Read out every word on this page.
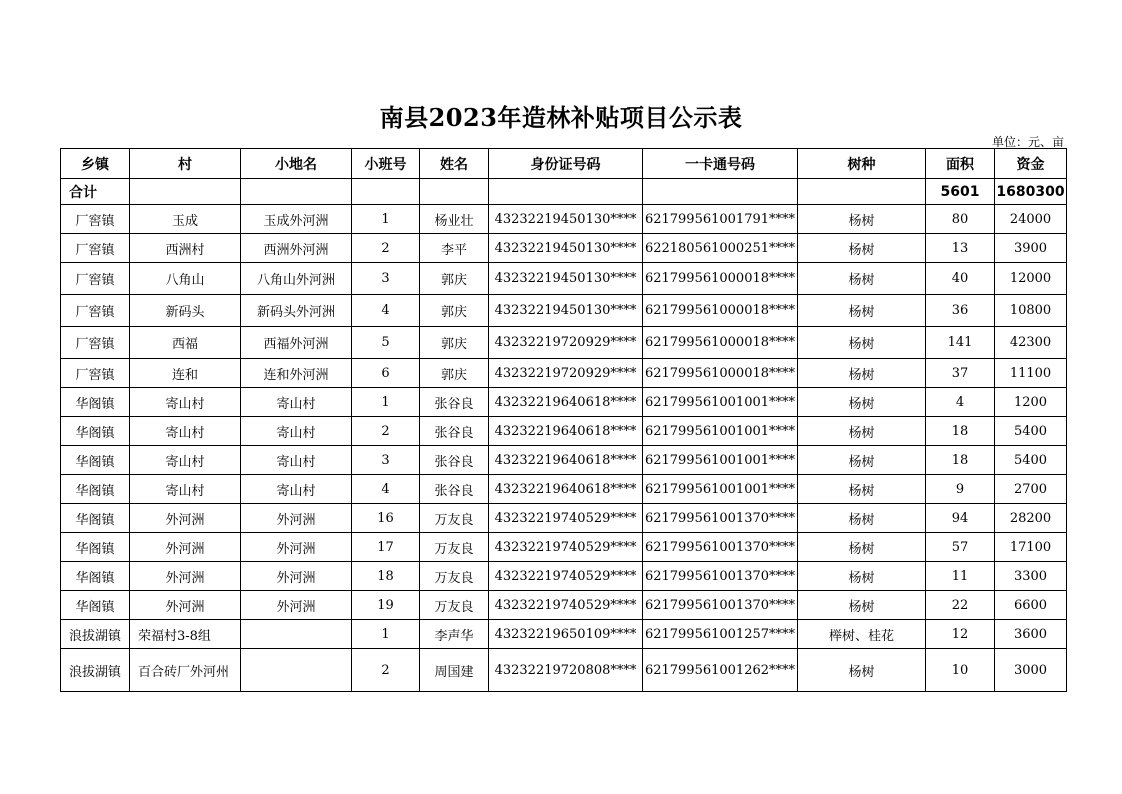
南县2023年造林补贴项目公示表
单位：元、亩
乡镇	村	小地名	小班号	姓名	身份证号码	一卡通号码	树种	面积	资金
合计								5601	1680300
厂窖镇	玉成	玉成外河洲	1	杨业壮	43232219450130****	621799561001791****	杨树	80	24000
厂窖镇	西洲村	西洲外河洲	2	李平	43232219450130****	622180561000251****	杨树	13	3900
厂窖镇	八角山	八角山外河洲	3	郭庆	43232219450130****	621799561000018****	杨树	40	12000
厂窖镇	新码头	新码头外河洲	4	郭庆	43232219450130****	621799561000018****	杨树	36	10800
厂窖镇	西福	西福外河洲	5	郭庆	43232219720929****	621799561000018****	杨树	141	42300
厂窖镇	连和	连和外河洲	6	郭庆	43232219720929****	621799561000018****	杨树	37	11100
华阁镇	寄山村	寄山村	1	张谷良	43232219640618****	621799561001001****	杨树	4	1200
华阁镇	寄山村	寄山村	2	张谷良	43232219640618****	621799561001001****	杨树	18	5400
华阁镇	寄山村	寄山村	3	张谷良	43232219640618****	621799561001001****	杨树	18	5400
华阁镇	寄山村	寄山村	4	张谷良	43232219640618****	621799561001001****	杨树	9	2700
华阁镇	外河洲	外河洲	16	万友良	43232219740529****	621799561001370****	杨树	94	28200
华阁镇	外河洲	外河洲	17	万友良	43232219740529****	621799561001370****	杨树	57	17100
华阁镇	外河洲	外河洲	18	万友良	43232219740529****	621799561001370****	杨树	11	3300
华阁镇	外河洲	外河洲	19	万友良	43232219740529****	621799561001370****	杨树	22	6600
浪拔湖镇	荣福村3-8组		1	李声华	43232219650109****	621799561001257****	榉树、桂花	12	3600
浪拔湖镇	百合砖厂外河州		2	周国建	43232219720808****	621799561001262****	杨树	10	3000
